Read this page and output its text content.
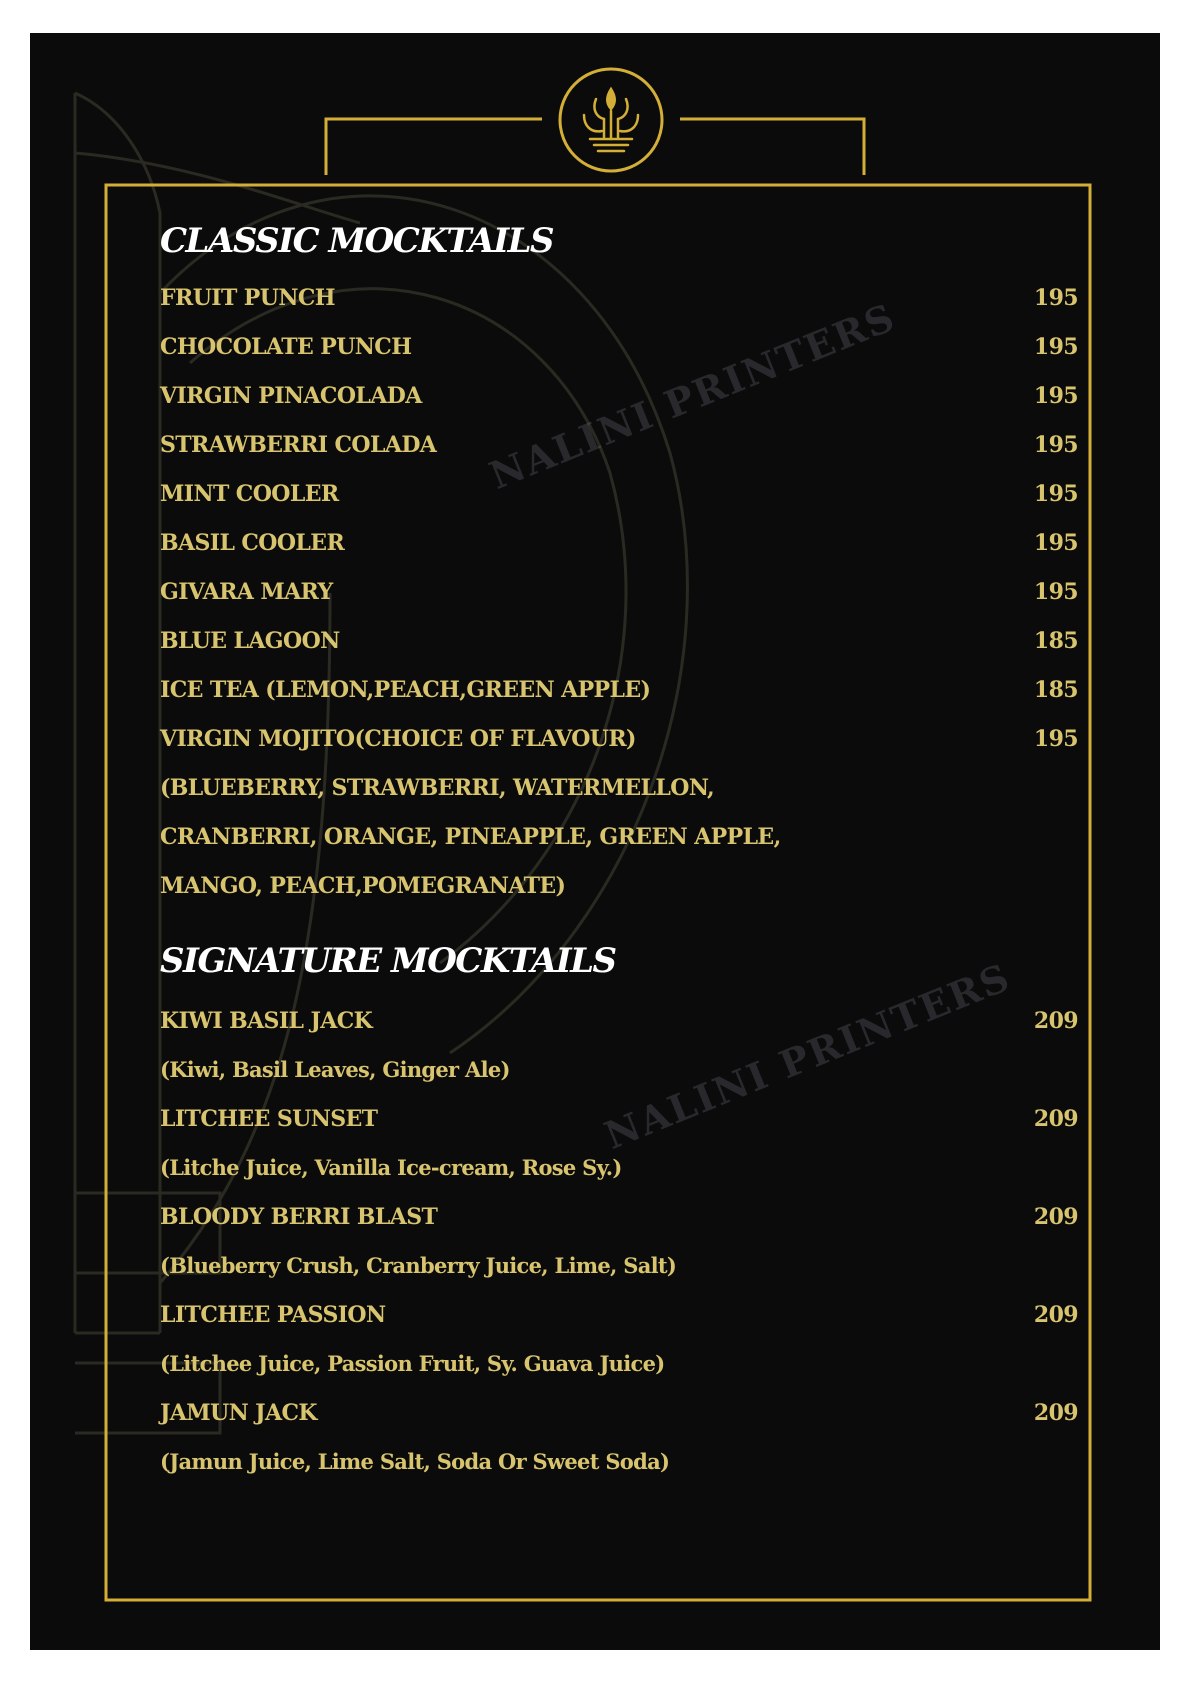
NALINI PRINTERS
NALINI PRINTERS
CLASSIC MOCKTAILS
FRUIT PUNCH	195
CHOCOLATE PUNCH	195
VIRGIN PINACOLADA	195
STRAWBERRI COLADA	195
MINT COOLER	195
BASIL COOLER	195
GIVARA MARY	195
BLUE LAGOON	185
ICE TEA (LEMON,PEACH,GREEN APPLE)	185
VIRGIN MOJITO(CHOICE OF FLAVOUR)	195
(BLUEBERRY, STRAWBERRI, WATERMELLON,
CRANBERRI, ORANGE, PINEAPPLE, GREEN APPLE,
MANGO, PEACH,POMEGRANATE)
SIGNATURE MOCKTAILS
KIWI BASIL JACK	209
(Kiwi, Basil Leaves, Ginger Ale)
LITCHEE SUNSET	209
(Litche Juice, Vanilla Ice-cream, Rose Sy.)
BLOODY BERRI BLAST	209
(Blueberry Crush, Cranberry Juice, Lime, Salt)
LITCHEE PASSION	209
(Litchee Juice, Passion Fruit, Sy. Guava Juice)
JAMUN JACK	209
(Jamun Juice, Lime Salt, Soda Or Sweet Soda)
